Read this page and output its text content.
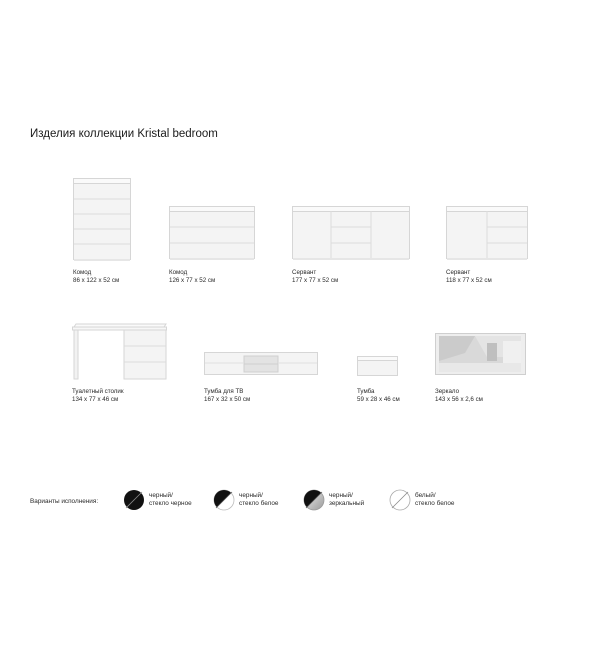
Изделия коллекции Kristal bedroom
Комод
86 x 122 x 52 см
Комод
126 x 77 x 52 см
Сервант
177 x 77 x 52 см
Сервант
118 x 77 x 52 см
Туалетный столик
134 x 77 x 46 см
Тумба для ТВ
167 x 32 x 50 см
Тумба
59 x 28 x 46 см
Зеркало
143 x 56 x 2,6 см
Варианты исполнения:
черный/
стекло черное
черный/
стекло белое
черный/
зеркальный
белый/
стекло белое
